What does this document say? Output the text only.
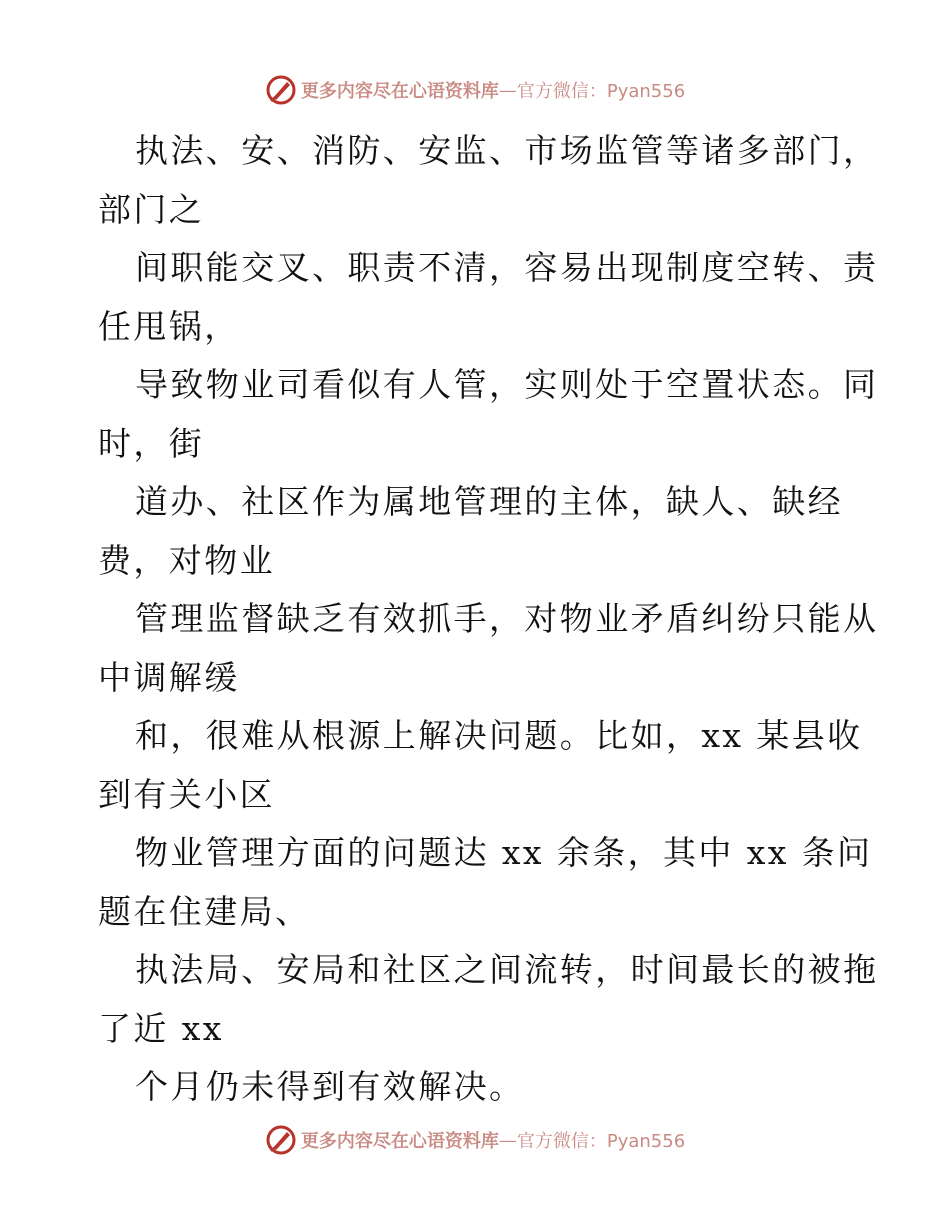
更多内容尽在心语资料库 — 官方微信：Pyan556
执法、安、消防、安监、市场监管等诸多部门，
部门之
间职能交叉、职责不清，容易出现制度空转、责
任甩锅，
导致物业司看似有人管，实则处于空置状态。同
时，街
道办、社区作为属地管理的主体，缺人、缺经
费，对物业
管理监督缺乏有效抓手，对物业矛盾纠纷只能从
中调解缓
和，很难从根源上解决问题。比如，xx 某县收
到有关小区
物业管理方面的问题达 xx 余条，其中 xx 条问
题在住建局、
执法局、安局和社区之间流转，时间最长的被拖
了近 xx
个月仍未得到有效解决。
更多内容尽在心语资料库 — 官方微信：Pyan556
